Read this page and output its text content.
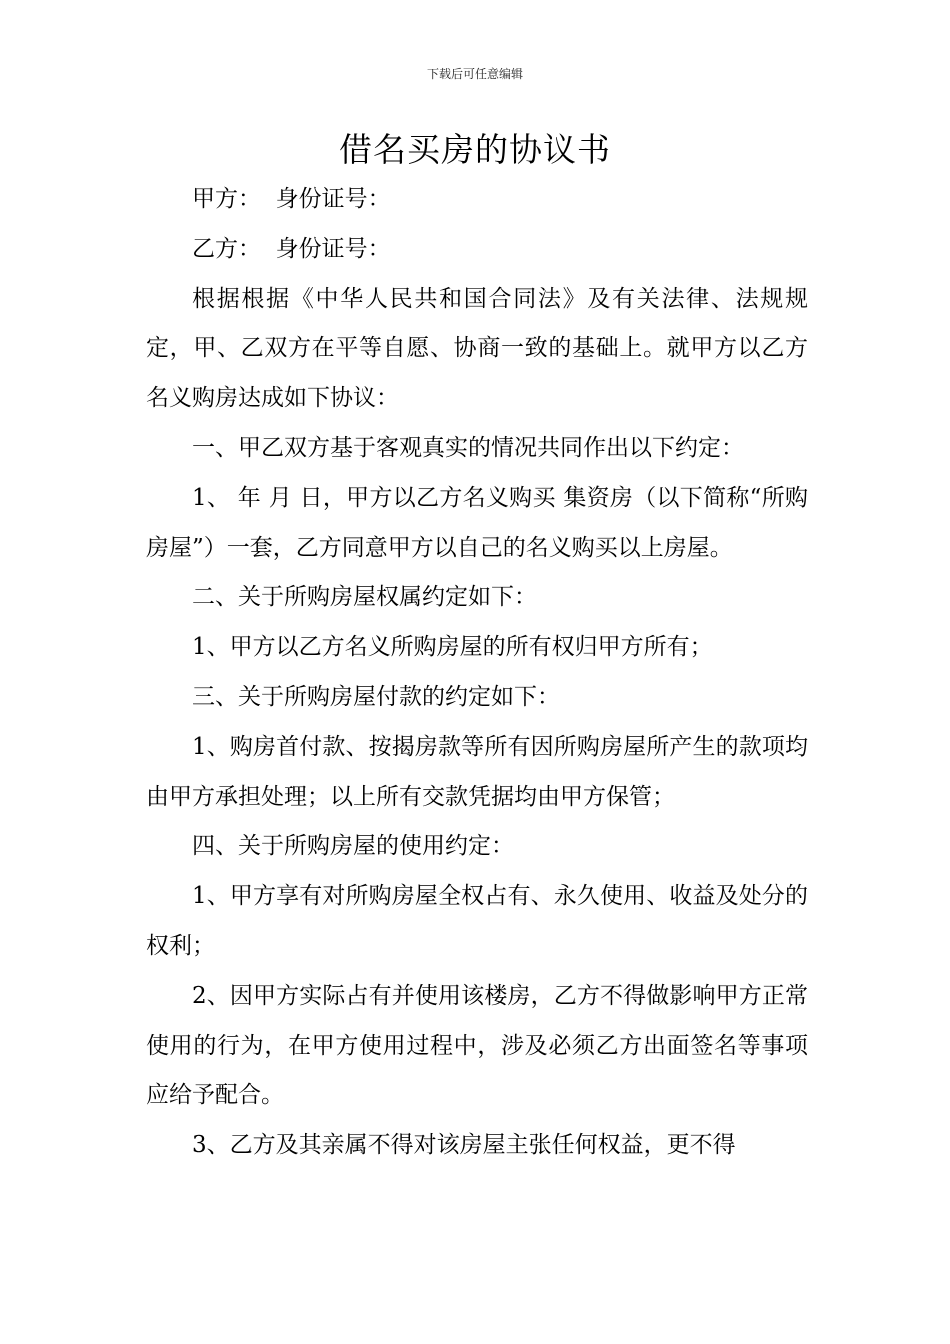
下载后可任意编辑
借名买房的协议书

甲方：  身份证号：

乙方：  身份证号：

根据根据《中华人民共和国合同法》及有关法律、法规规定，甲、乙双方在平等自愿、协商一致的基础上。就甲方以乙方名义购房达成如下协议：

一、甲乙双方基于客观真实的情况共同作出以下约定：

1、 年 月 日，甲方以乙方名义购买 集资房（以下简称“所购房屋”）一套，乙方同意甲方以自己的名义购买以上房屋。

二、关于所购房屋权属约定如下：

1、甲方以乙方名义所购房屋的所有权归甲方所有；

三、关于所购房屋付款的约定如下：

1、购房首付款、按揭房款等所有因所购房屋所产生的款项均由甲方承担处理；以上所有交款凭据均由甲方保管；

四、关于所购房屋的使用约定：

1、甲方享有对所购房屋全权占有、永久使用、收益及处分的权利；

2、因甲方实际占有并使用该楼房，乙方不得做影响甲方正常使用的行为，在甲方使用过程中，涉及必须乙方出面签名等事项应给予配合。

3、乙方及其亲属不得对该房屋主张任何权益，更不得
